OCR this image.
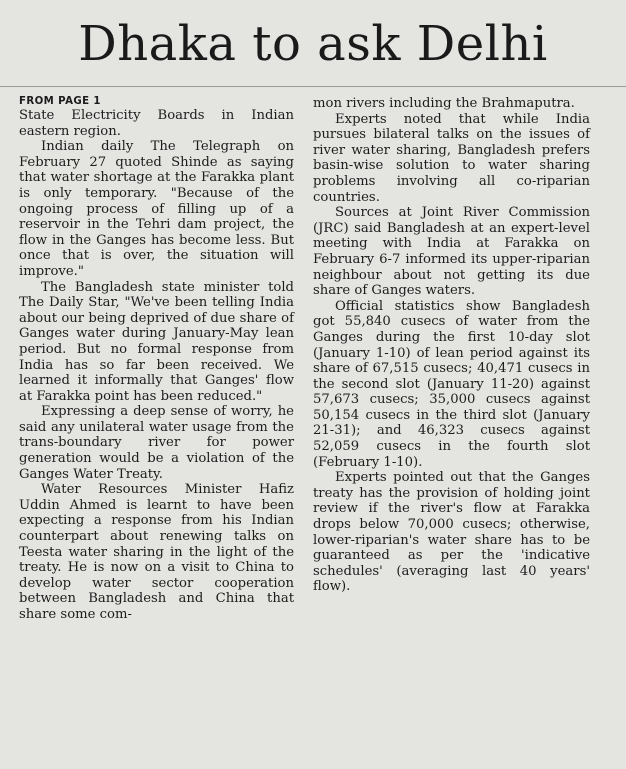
Dhaka to ask Delhi
FROM PAGE 1

State Electricity Boards in Indian eastern region.

Indian daily The Telegraph on February 27 quoted Shinde as saying that water shortage at the Farakka plant is only temporary. "Because of the ongoing process of filling up of a reservoir in the Tehri dam project, the flow in the Ganges has become less. But once that is over, the situation will improve."

The Bangladesh state minister told The Daily Star, "We've been telling India about our being deprived of due share of Ganges water during January-May lean period. But no formal response from India has so far been received. We learned it informally that Ganges' flow at Farakka point has been reduced."

Expressing a deep sense of worry, he said any unilateral water usage from the trans-boundary river for power generation would be a violation of the Ganges Water Treaty.

Water Resources Minister Hafiz Uddin Ahmed is learnt to have been expecting a response from his Indian counterpart about renewing talks on Teesta water sharing in the light of the treaty. He is now on a visit to China to develop water sector cooperation between Bangladesh and China that share some com-

mon rivers including the Brahmaputra.

Experts noted that while India pursues bilateral talks on the issues of river water sharing, Bangladesh prefers basin-wise solution to water sharing problems involving all co-riparian countries.

Sources at Joint River Commission (JRC) said Bangladesh at an expert-level meeting with India at Farakka on February 6-7 informed its upper-riparian neighbour about not getting its due share of Ganges waters.

Official statistics show Bangladesh got 55,840 cusecs of water from the Ganges during the first 10-day slot (January 1-10) of lean period against its share of 67,515 cusecs; 40,471 cusecs in the second slot (January 11-20) against 57,673 cusecs; 35,000 cusecs against 50,154 cusecs in the third slot (January 21-31); and 46,323 cusecs against 52,059 cusecs in the fourth slot (February 1-10).

Experts pointed out that the Ganges treaty has the provision of holding joint review if the river's flow at Farakka drops below 70,000 cusecs; otherwise, lower-riparian's water share has to be guaranteed as per the 'indicative schedules' (averaging last 40 years' flow).
